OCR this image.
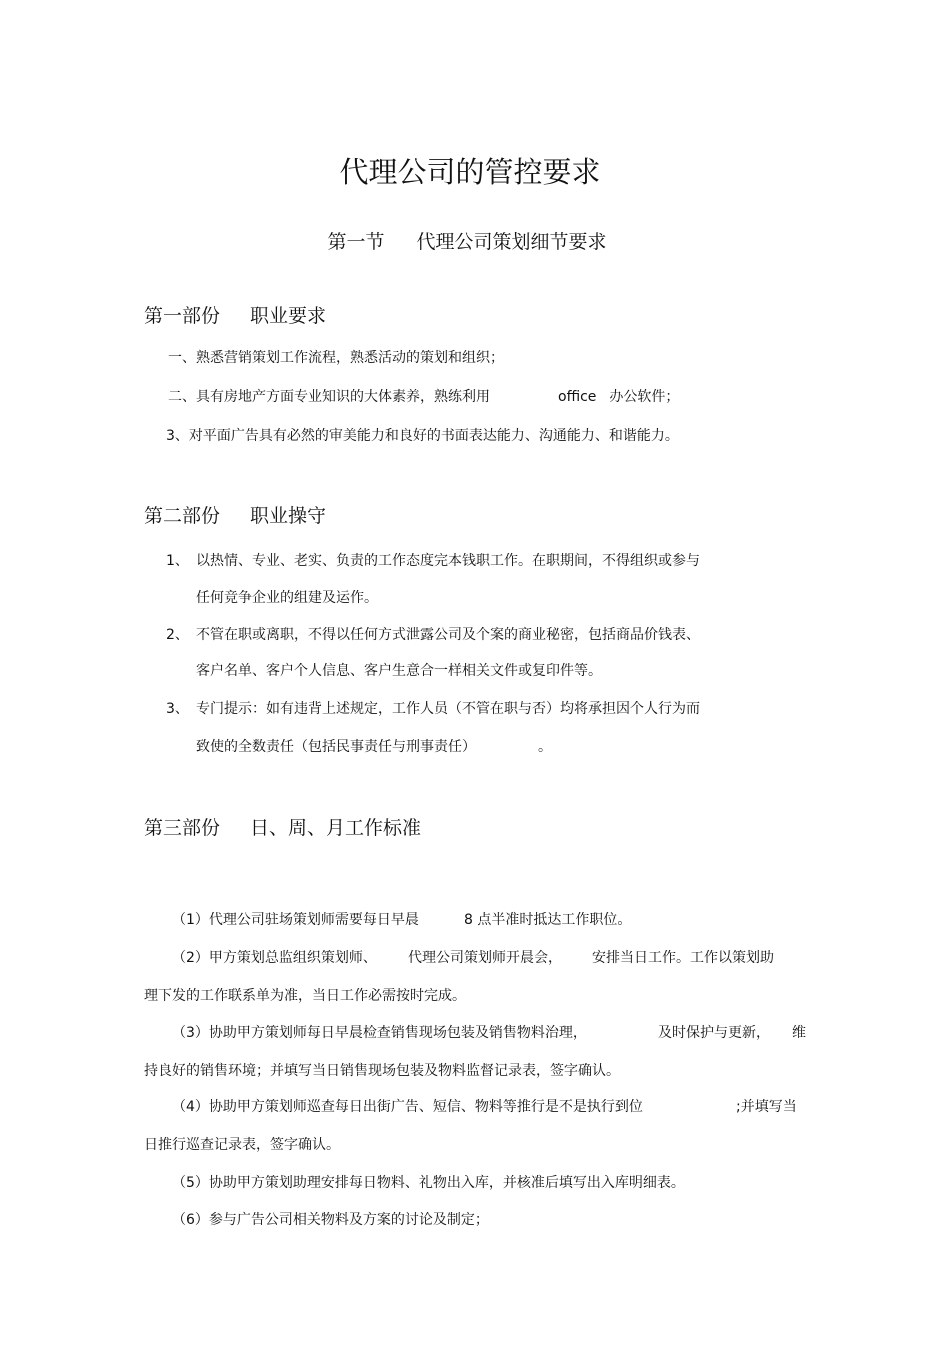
代理公司的管控要求
第一节 代理公司策划细节要求
第一部份 职业要求
一、熟悉营销策划工作流程，熟悉活动的策划和组织；
二、具有房地产方面专业知识的大体素养，熟练利用	office 办公软件；
3、对平面广告具有必然的审美能力和良好的书面表达能力、沟通能力、和谐能力。
第二部份 职业操守
1、 以热情、专业、老实、负责的工作态度完本钱职工作。在职期间，不得组织或参与
任何竞争企业的组建及运作。
2、 不管在职或离职，不得以任何方式泄露公司及个案的商业秘密，包括商品价钱表、
客户名单、客户个人信息、客户生意合一样相关文件或复印件等。
3、 专门提示：如有违背上述规定，工作人员（不管在职与否）均将承担因个人行为而
致使的全数责任（包括民事责任与刑事责任）	。
第三部份 日、周、月工作标准
（1）代理公司驻场策划师需要每日早晨	8 点半准时抵达工作职位。
（2）甲方策划总监组织策划师、 代理公司策划师开晨会， 安排当日工作。工作以策划助
理下发的工作联系单为准，当日工作必需按时完成。
（3）协助甲方策划师每日早晨检查销售现场包装及销售物料治理，	及时保护与更新， 维
持良好的销售环境；并填写当日销售现场包装及物料监督记录表，签字确认。
（4）协助甲方策划师巡查每日出街广告、短信、物料等推行是不是执行到位	;并填写当
日推行巡查记录表，签字确认。
（5）协助甲方策划助理安排每日物料、礼物出入库，并核准后填写出入库明细表。
（6）参与广告公司相关物料及方案的讨论及制定；
